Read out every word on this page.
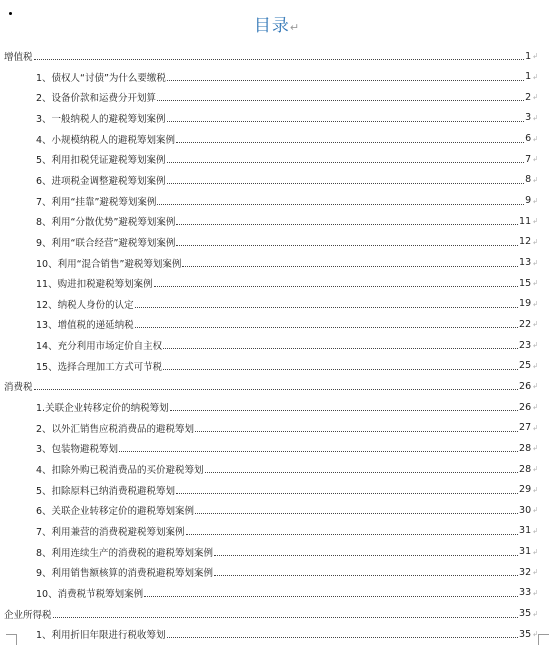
目录↵
增值税	1 ↲
1、债权人“讨债”为什么要缴税	1 ↲
2、设备价款和运费分开划算	2 ↲
3、一般纳税人的避税筹划案例	3 ↲
4、小规模纳税人的避税筹划案例	6 ↲
5、利用扣税凭证避税筹划案例	7 ↲
6、进项税金调整避税筹划案例	8 ↲
7、利用“挂靠”避税筹划案例	9 ↲
8、利用“分散优势”避税筹划案例	11 ↲
9、利用“联合经营”避税筹划案例	12 ↲
10、利用“混合销售”避税筹划案例	13 ↲
11、购进扣税避税筹划案例	15 ↲
12、纳税人身份的认定	19 ↲
13、增值税的递延纳税	22 ↲
14、充分利用市场定价自主权	23 ↲
15、选择合理加工方式可节税	25 ↲
消费税	26 ↲
1.关联企业转移定价的纳税筹划	26 ↲
2、以外汇销售应税消费品的避税筹划	27 ↲
3、包装物避税筹划	28 ↲
4、扣除外购已税消费品的买价避税筹划	28 ↲
5、扣除原料已纳消费税避税筹划	29 ↲
6、关联企业转移定价的避税筹划案例	30 ↲
7、利用兼营的消费税避税筹划案例	31 ↲
8、利用连续生产的消费税的避税筹划案例	31 ↲
9、利用销售额核算的消费税避税筹划案例	32 ↲
10、消费税节税筹划案例	33 ↲
企业所得税	35 ↲
1、利用折旧年限进行税收筹划	35 ↲
